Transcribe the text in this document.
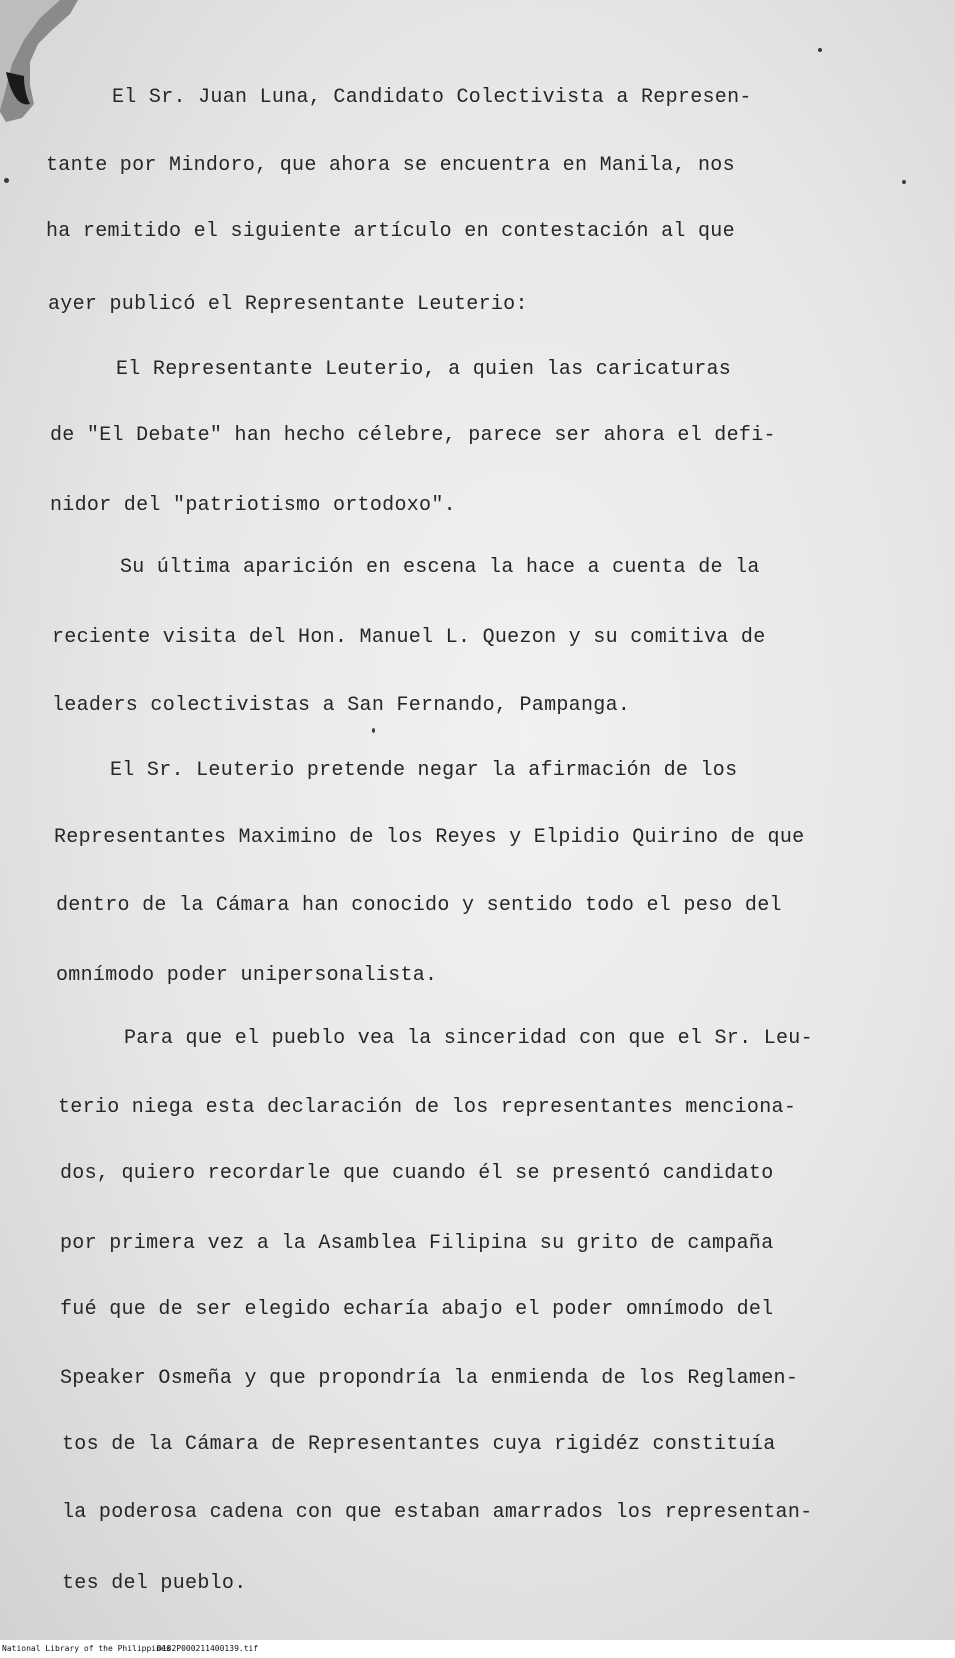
El Sr. Juan Luna, Candidato Colectivista a Represen-

tante por Mindoro, que ahora se encuentra en Manila, nos

ha remitido el siguiente artículo en contestación al que

ayer publicó el Representante Leuterio:

El Representante Leuterio, a quien las caricaturas

de "El Debate" han hecho célebre, parece ser ahora el defi-

nidor del "patriotismo ortodoxo".

Su última aparición en escena la hace a cuenta de la

reciente visita del Hon. Manuel L. Quezon y su comitiva de

leaders colectivistas a San Fernando, Pampanga.

El Sr. Leuterio pretende negar la afirmación de los

Representantes Maximino de los Reyes y Elpidio Quirino de que

dentro de la Cámara han conocido y sentido todo el peso del

omnímodo poder unipersonalista.

Para que el pueblo vea la sinceridad con que el Sr. Leu-

terio niega esta declaración de los representantes menciona-

dos, quiero recordarle que cuando él se presentó candidato

por primera vez a la Asamblea Filipina su grito de campaña

fué que de ser elegido echaría abajo el poder omnímodo del

Speaker Osmeña y que propondría la enmienda de los Reglamen-

tos de la Cámara de Representantes cuya rigidéz constituía

la poderosa cadena con que estaban amarrados los representan-

tes del pueblo.

National Library of the PhilippinesD182P000211400139.tif
